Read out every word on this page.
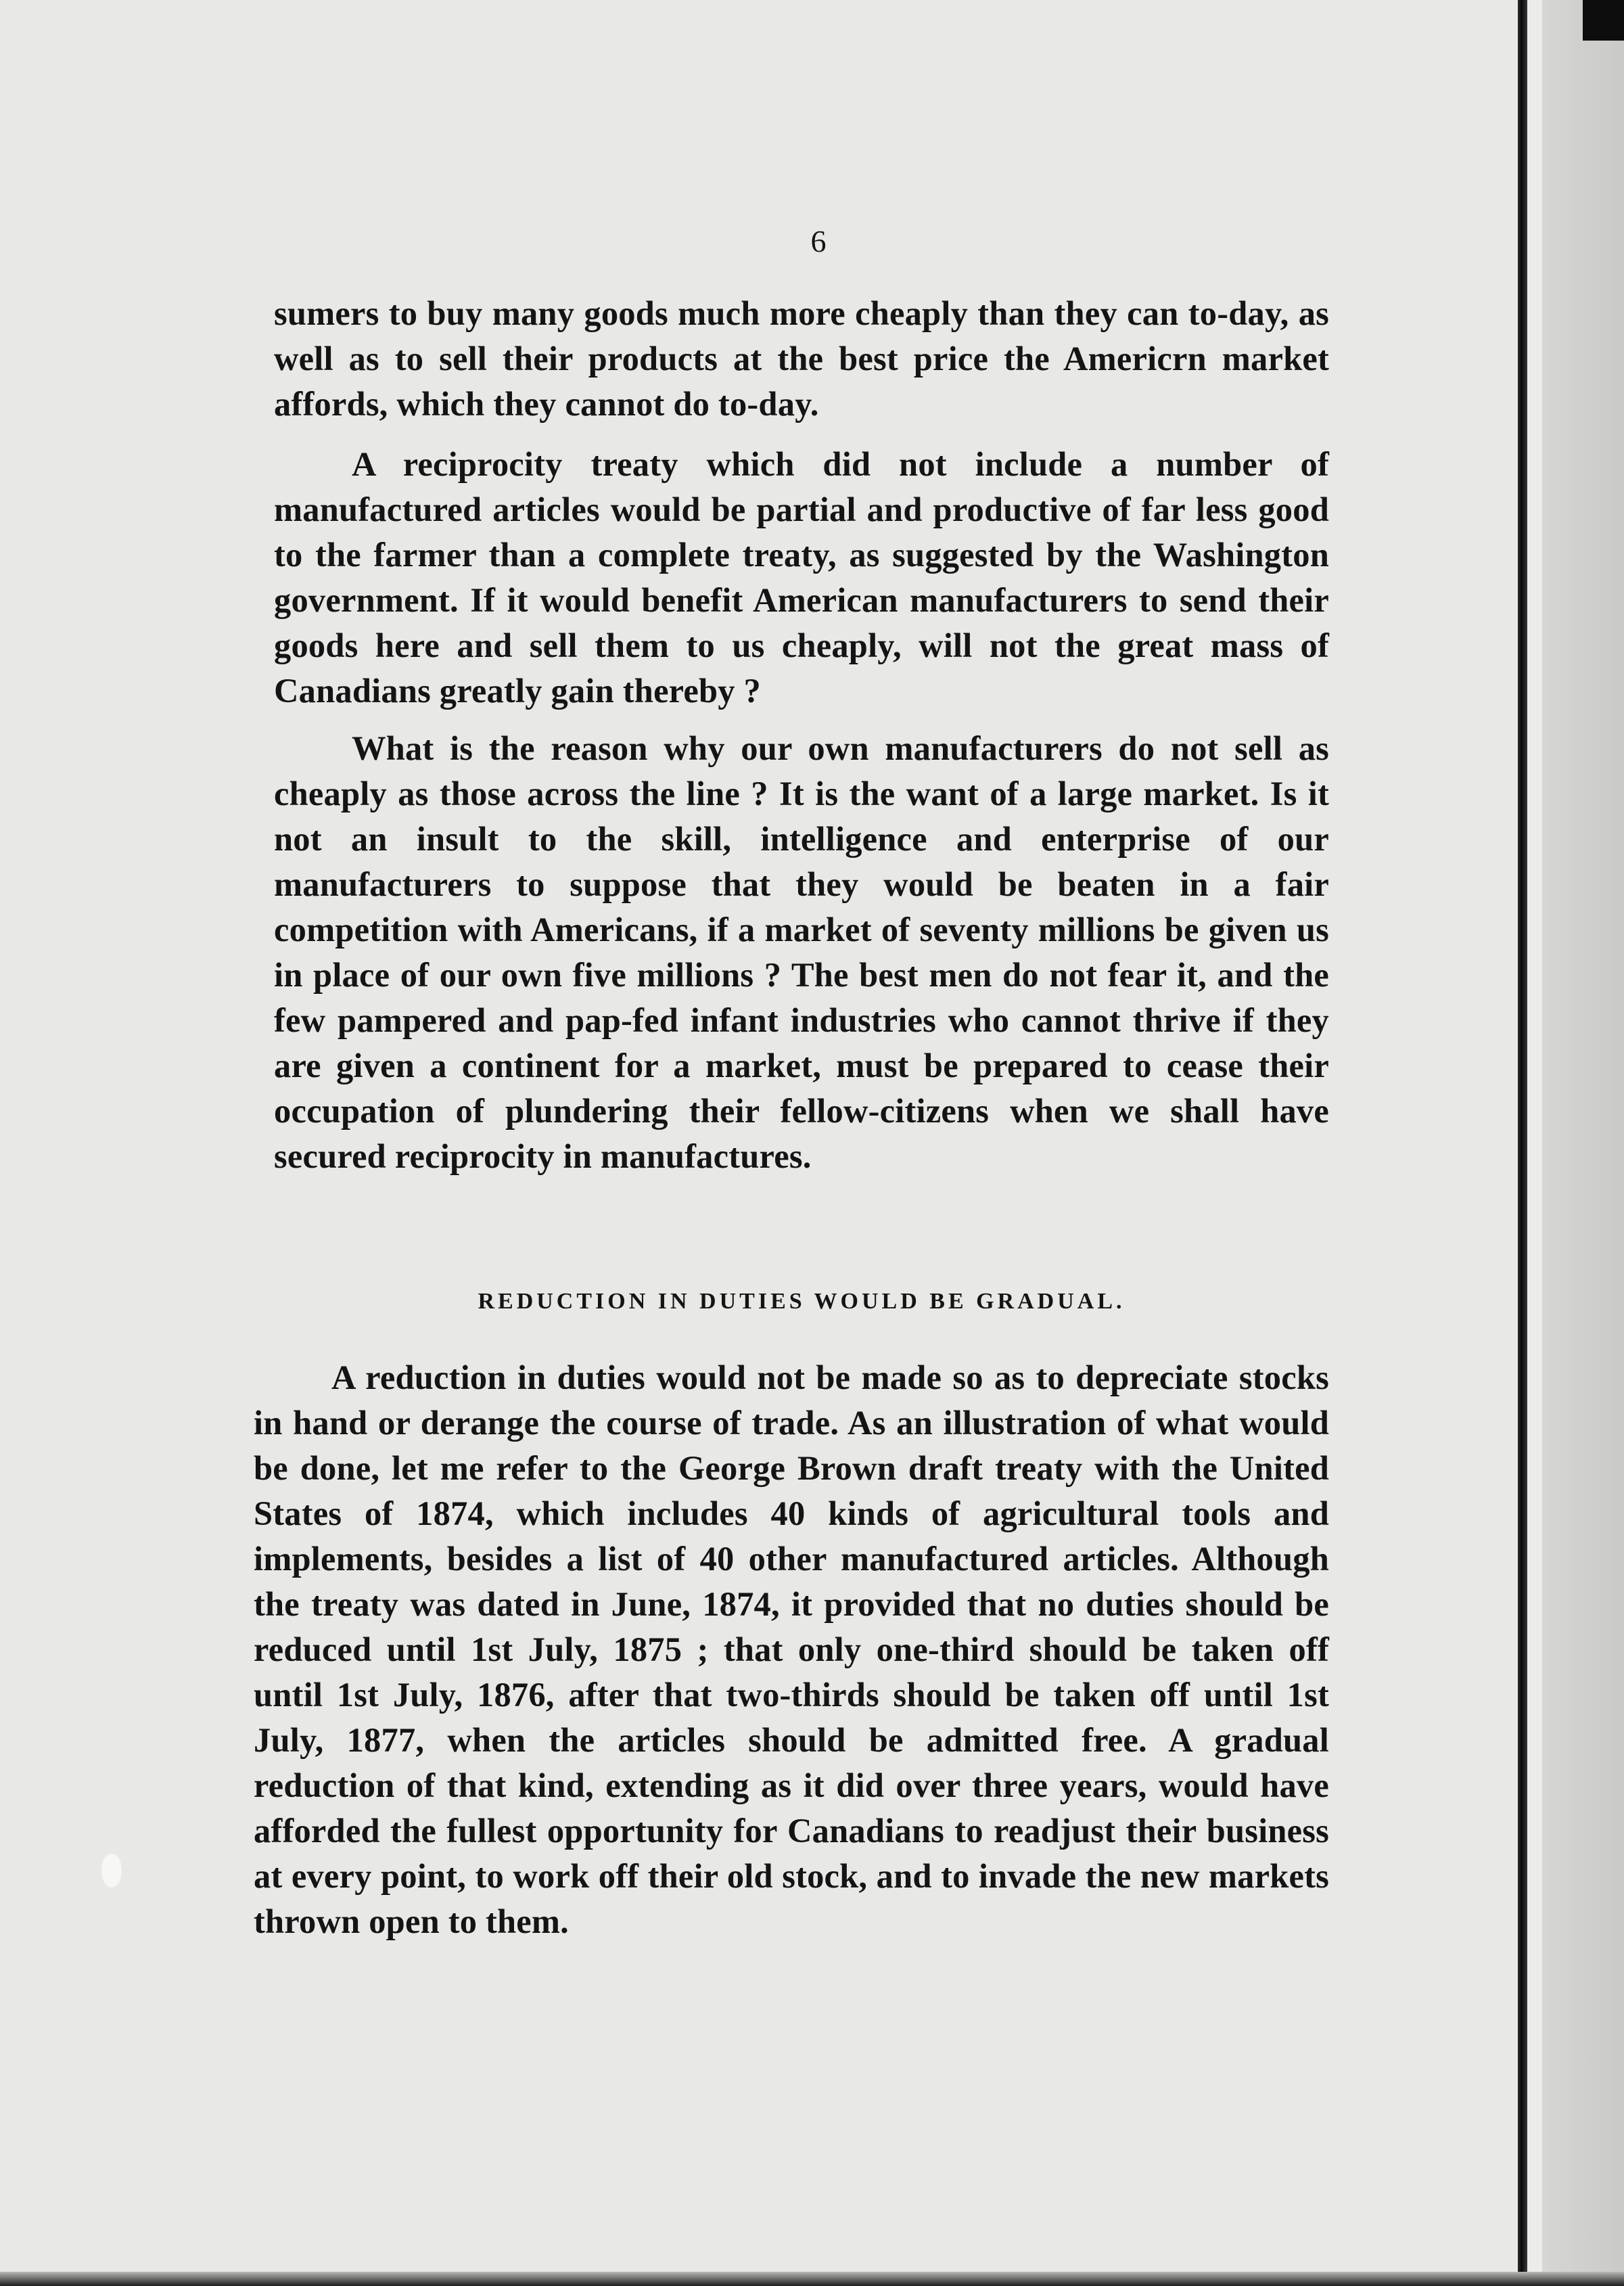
6

sumers to buy many goods much more cheaply than they can to-day, as well as to sell their products at the best price the Americrn market affords, which they cannot do to-day.

A reciprocity treaty which did not include a number of manufactured articles would be partial and productive of far less good to the farmer than a complete treaty, as suggested by the Washington government. If it would benefit American manufacturers to send their goods here and sell them to us cheaply, will not the great mass of Canadians greatly gain thereby ?

What is the reason why our own manufacturers do not sell as cheaply as those across the line ? It is the want of a large market. Is it not an insult to the skill, intelligence and enterprise of our manufacturers to suppose that they would be beaten in a fair competition with Americans, if a market of seventy millions be given us in place of our own five millions ? The best men do not fear it, and the few pampered and pap-fed infant industries who cannot thrive if they are given a continent for a market, must be prepared to cease their occupation of plundering their fellow-citizens when we shall have secured reciprocity in manufactures.

REDUCTION IN DUTIES WOULD BE GRADUAL.

A reduction in duties would not be made so as to depreciate stocks in hand or derange the course of trade. As an illustration of what would be done, let me refer to the George Brown draft treaty with the United States of 1874, which includes 40 kinds of agricultural tools and implements, besides a list of 40 other manufactured articles. Although the treaty was dated in June, 1874, it provided that no duties should be reduced until 1st July, 1875 ; that only one-third should be taken off until 1st July, 1876, after that two-thirds should be taken off until 1st July, 1877, when the articles should be admitted free. A gradual reduction of that kind, extending as it did over three years, would have afforded the fullest opportunity for Canadians to readjust their business at every point, to work off their old stock, and to invade the new markets thrown open to them.
